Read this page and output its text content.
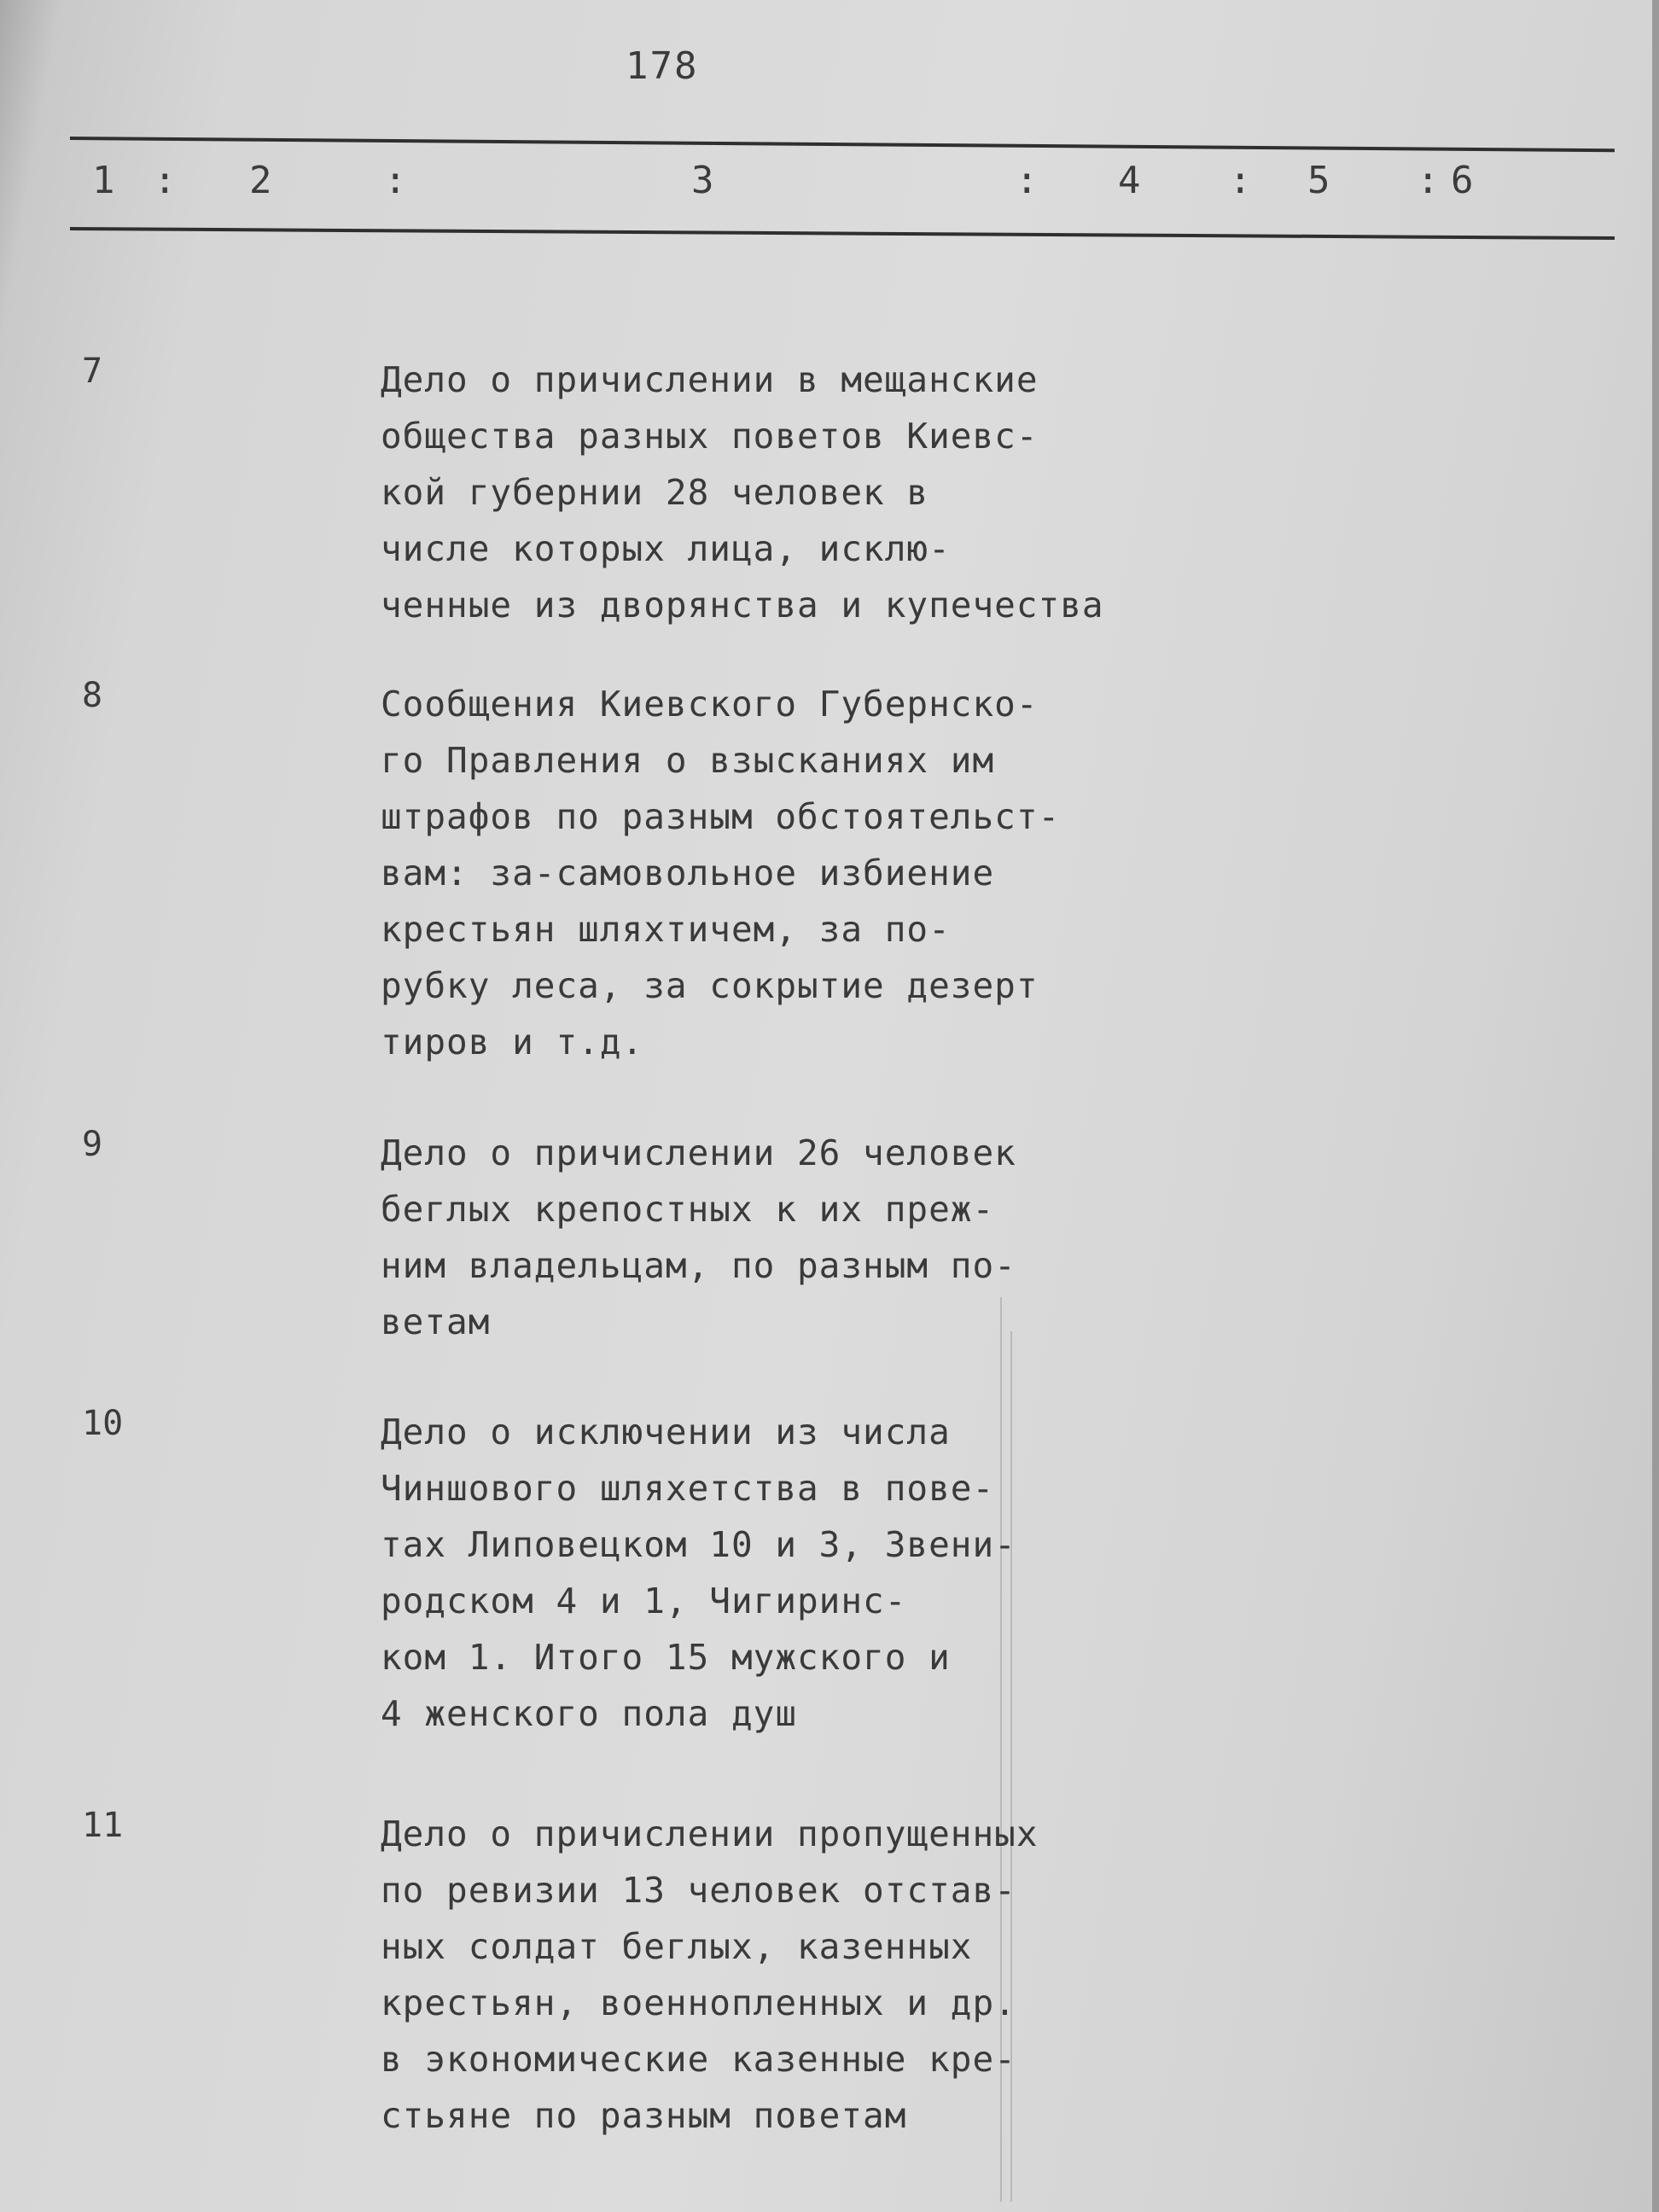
178
1 : 2	:	3	: 4 : 5 : 6
7	Дело о причислении в мещанские
общества разных поветов Киевс-
кой губернии 28 человек в
числе которых лица, исклю-
ченные из дворянства и купечества
8	Сообщения Киевского Губернско-
го Правления о взысканиях им
штрафов по разным обстоятельст-
вам: за-самовольное избиение
крестьян шляхтичем, за по-
рубку леса, за сокрытие дезерт
тиров и т.д.
9	Дело о причислении 26 человек
беглых крепостных к их преж-
ним владельцам, по разным по-
ветам
10	Дело о исключении из числа
Чиншового шляхетства в пове-
тах Липовецком 10 и 3, Звени-
родском 4 и 1, Чигиринс-
ком 1. Итого 15 мужского и
4 женского пола душ
11	Дело о причислении пропущенных
по ревизии 13 человек отстав-
ных солдат беглых, казенных
крестьян, военнопленных и др.
в экономические казенные кре-
стьяне по разным поветам
